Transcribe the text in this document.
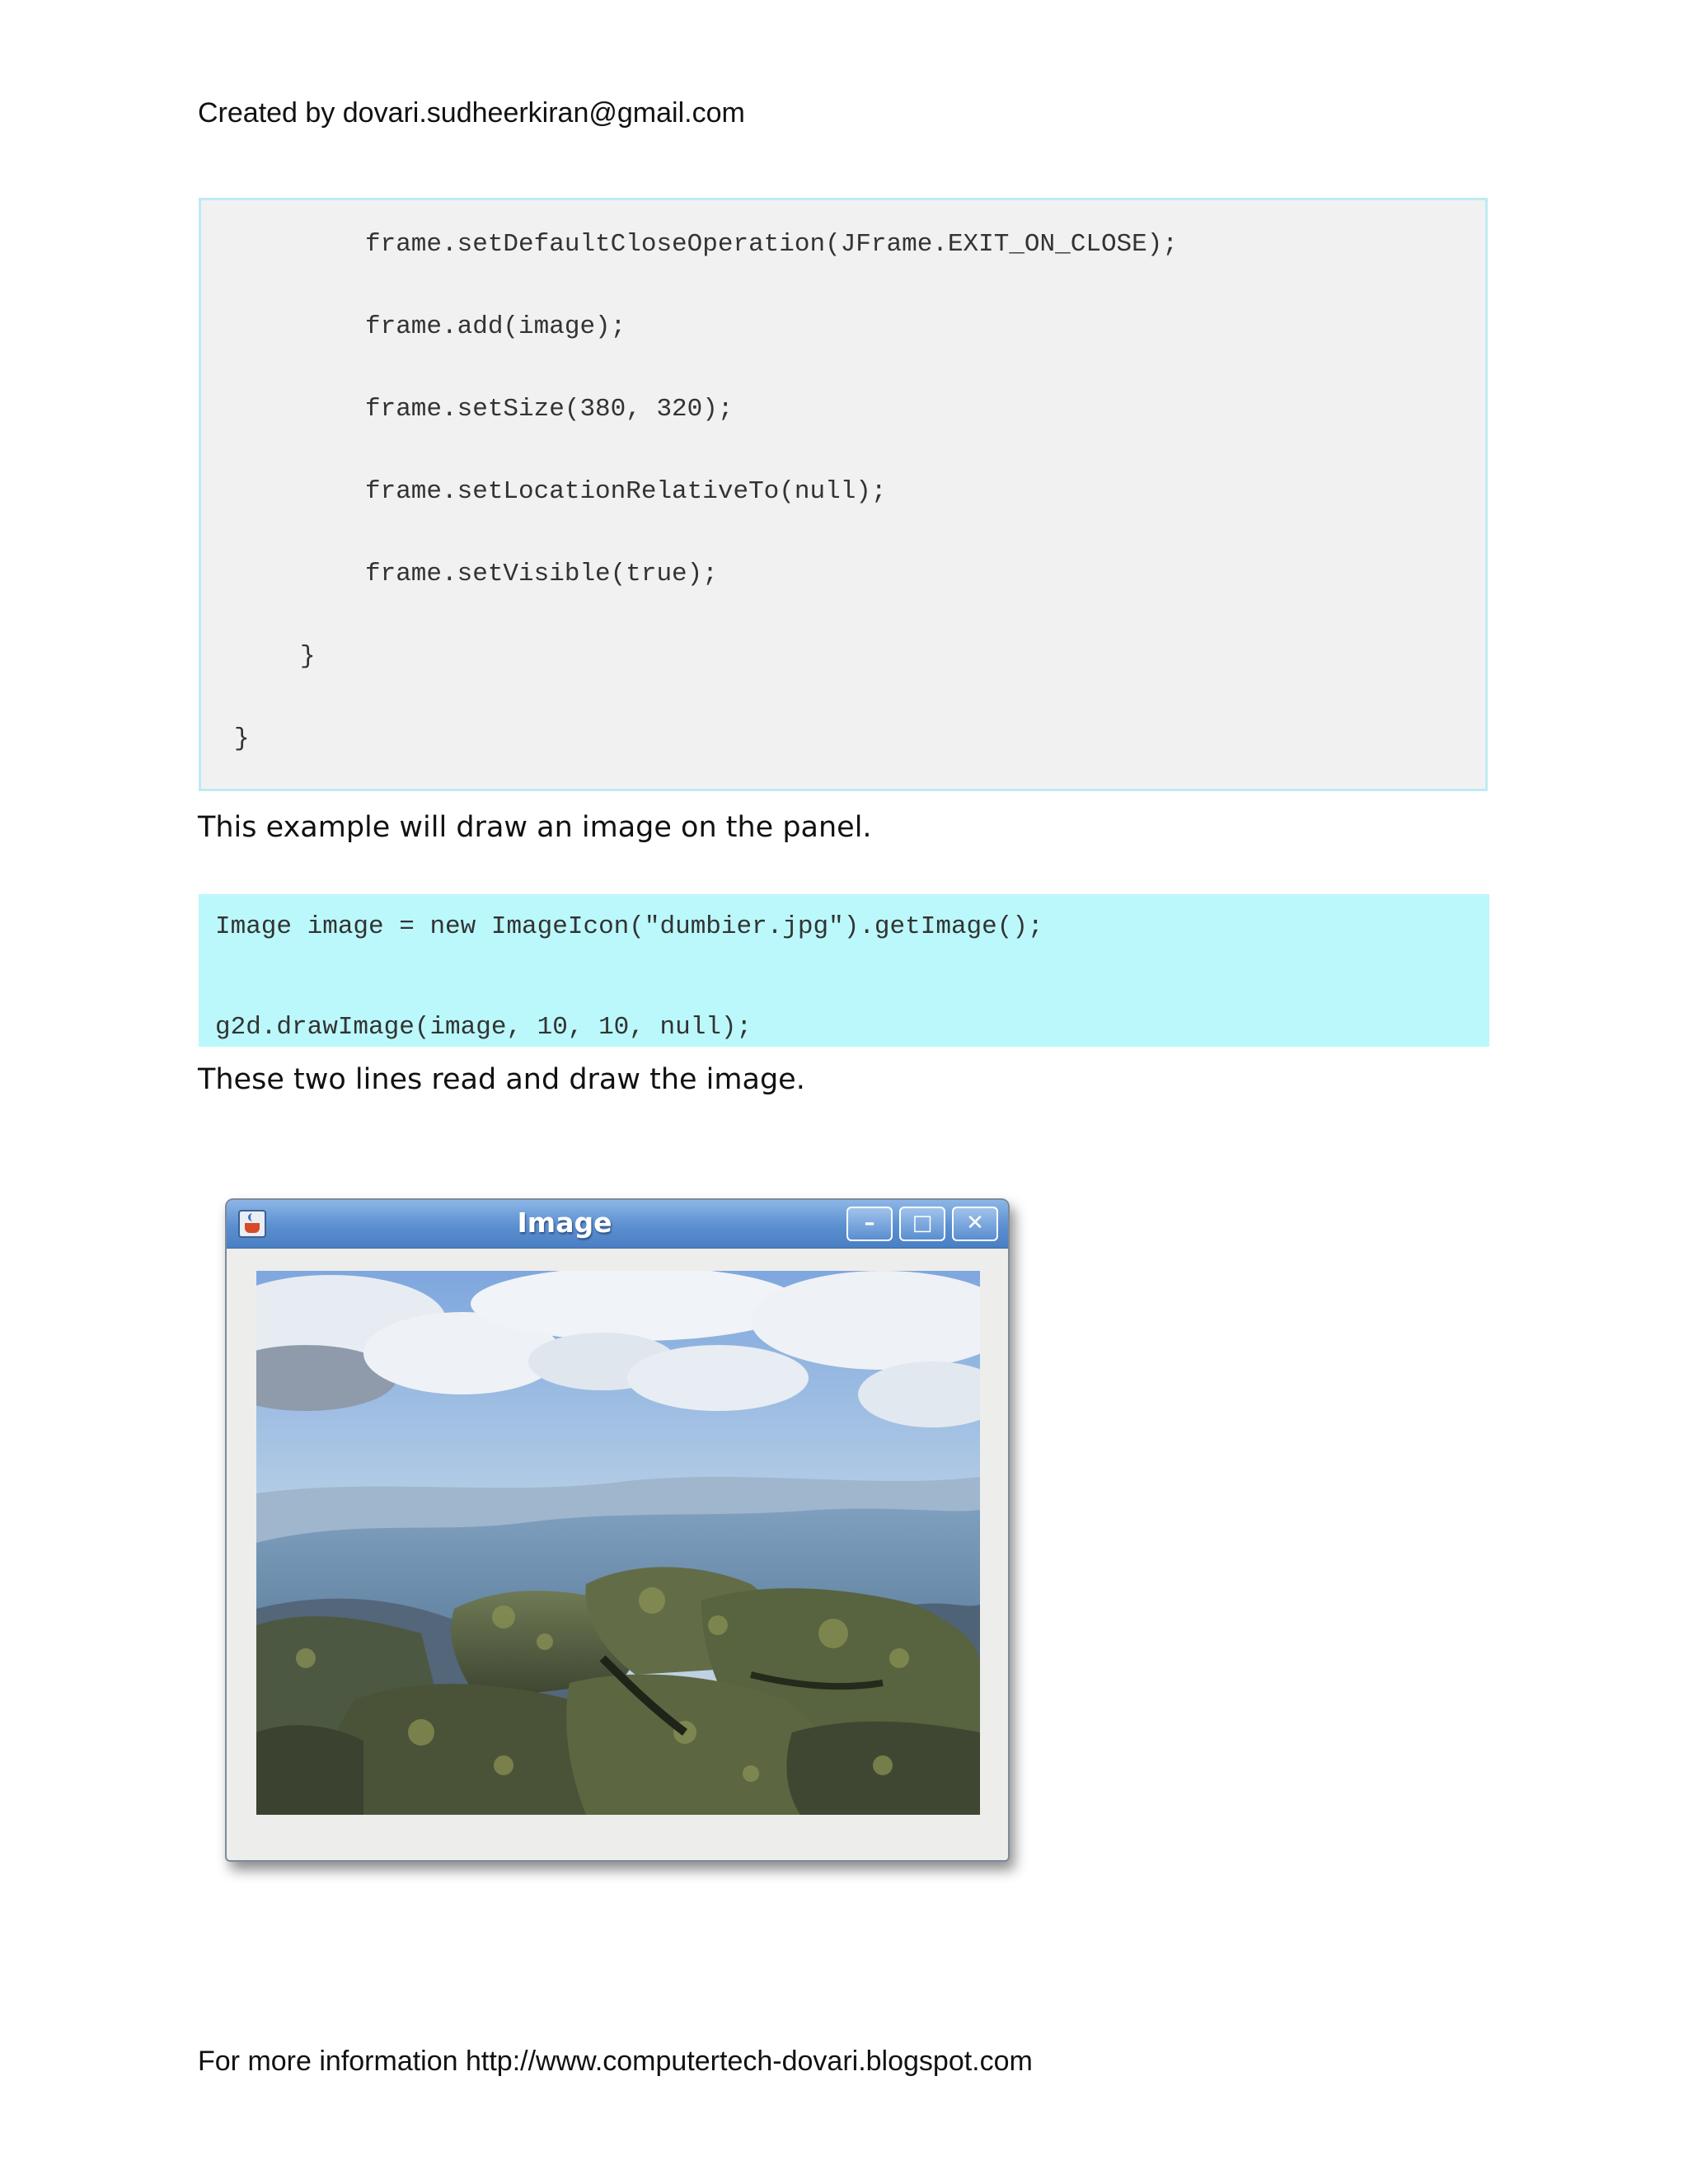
Created by dovari.sudheerkiran@gmail.com
frame.setDefaultCloseOperation(JFrame.EXIT_ON_CLOSE);
frame.add(image);
frame.setSize(380, 320);
frame.setLocationRelativeTo(null);
frame.setVisible(true);
}
}
This example will draw an image on the panel.
Image image = new ImageIcon("dumbier.jpg").getImage();
g2d.drawImage(image, 10, 10, null);
These two lines read and draw the image.
Image	–	□	✕
For more information http://www.computertech-dovari.blogspot.com
